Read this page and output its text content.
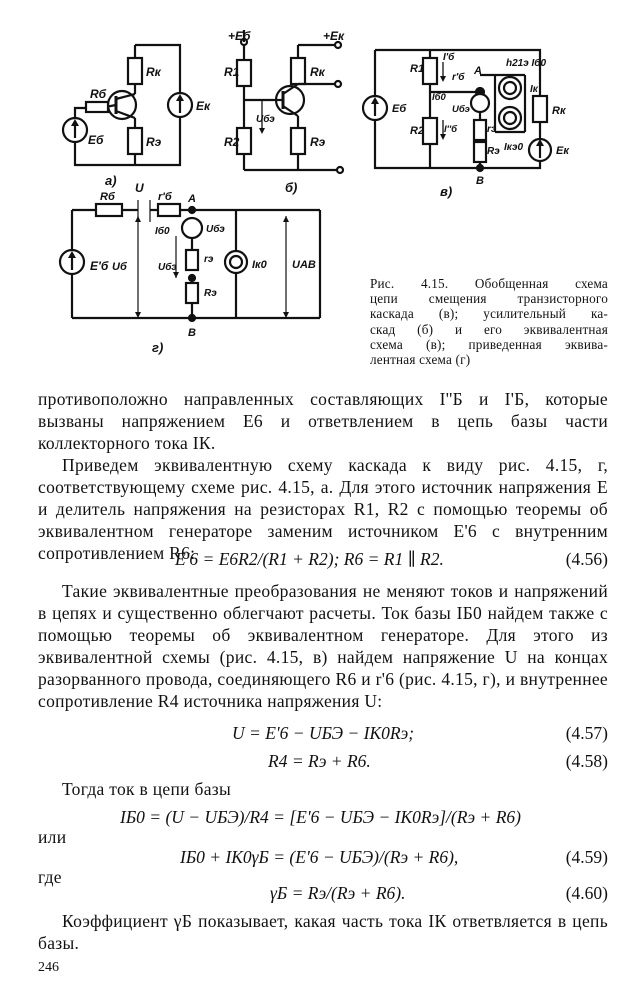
Rб
Rк
Rэ
Eб
Eк
а)
+Eб	+Eк
R1
R2
Rк
Rэ
Uбэ
б)
R1
R2
Eб
I'б
r'б
A
Iб0
Uбэ
I''б	rэ
Rэ
B
h21э Iб0
Iк
Rк
Iкэ0	Eк
в)
Rб
U
r'б A
Iб0	Uбэ
E'б Uб	Uбэ
rэ
Rэ
Iк0 UAB
B
г)
Рис. 4.15. Обобщенная схема
цепи смещения транзисторного
каскада (в); усилительный ка-
скад (б) и его эквивалентная
схема (в); приведенная эквива-
лентная схема (г)
противоположно направленных составляющих I''Б и I'Б, которые вызваны напряжением E6 и ответвлением в цепь базы части коллекторного тока IК.
Приведем эквивалентную схему каскада к виду рис. 4.15, г, соответствующему схеме рис. 4.15, а. Для этого источник напряжения E и делитель напряжения на резисторах R1, R2 с помощью теоремы об эквивалентном генераторе заменим источником E'6 с внутренним сопротивлением R6:
E'6 = E6R2/(R1 + R2); R6 = R1 ∥ R2.	(4.56)
Такие эквивалентные преобразования не меняют токов и напряжений в цепях и существенно облегчают расчеты. Ток базы IБ0 найдем также с помощью теоремы об эквивалентном генераторе. Для этого из эквивалентной схемы (рис. 4.15, в) найдем напряжение U на концах разорванного провода, соединяющего R6 и r'6 (рис. 4.15, г), и внутреннее сопротивление R4 источника напряжения U:
U = E'6 − UБЭ − IК0Rэ;	(4.57)
R4 = Rэ + R6.	(4.58)
Тогда ток в цепи базы
IБ0 = (U − UБЭ)/R4 = [E'6 − UБЭ − IК0Rэ]/(Rэ + R6)
или
IБ0 + IК0γБ = (E'6 − UБЭ)/(Rэ + R6),	(4.59)
где
γБ = Rэ/(Rэ + R6).	(4.60)
Коэффициент γБ показывает, какая часть тока IК ответвляется в цепь базы.
246
